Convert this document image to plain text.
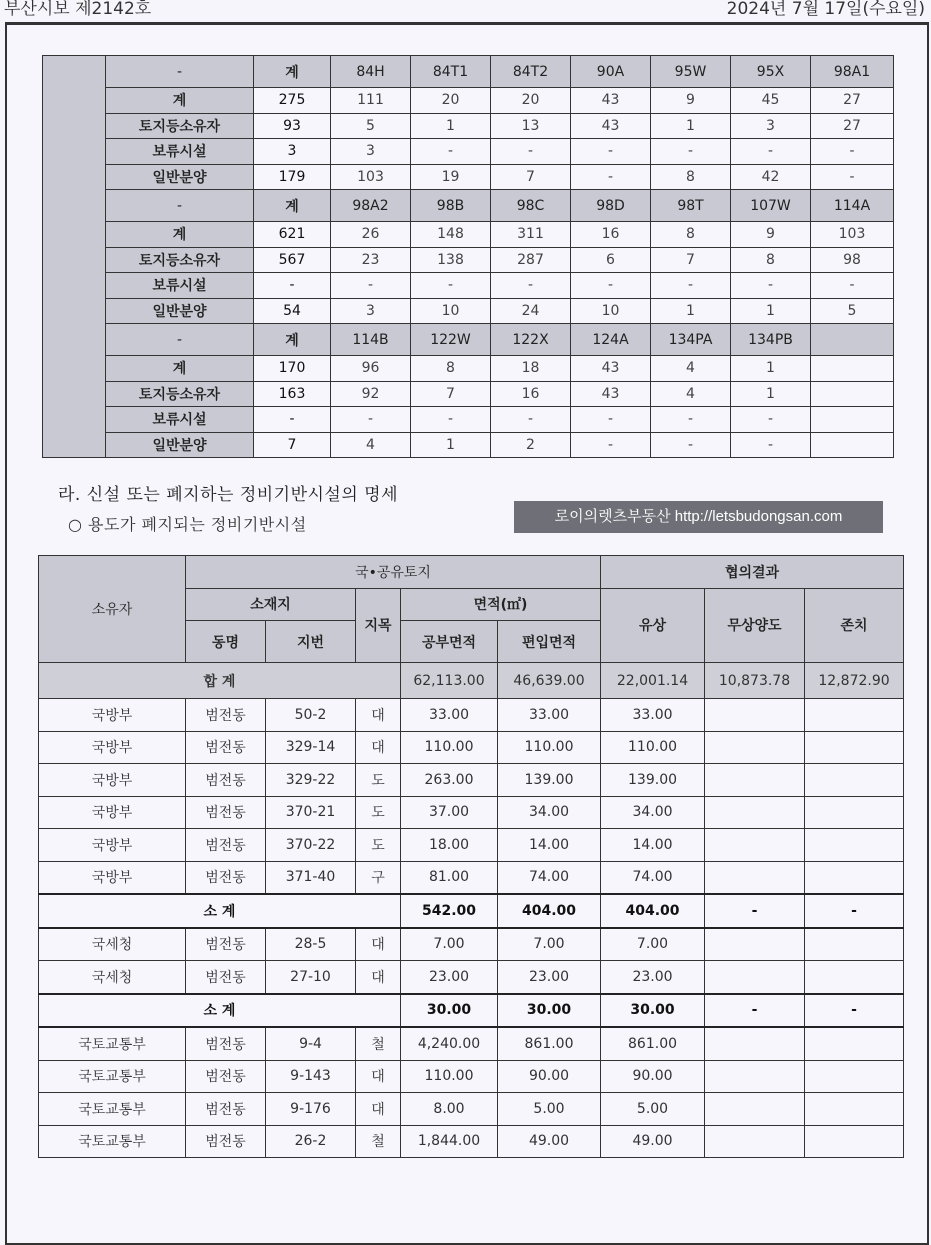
부산시보 제2142호	2024년 7월 17일(수요일)
	-	계	84H	84T1	84T2	90A	95W	95X	98A1
	계	275	111	20	20	43	9	45	27
	토지등소유자	93	5	1	13	43	1	3	27
	보류시설	3	3	-	-	-	-	-	-
	일반분양	179	103	19	7	-	8	42	-
	-	계	98A2	98B	98C	98D	98T	107W	114A
	계	621	26	148	311	16	8	9	103
	토지등소유자	567	23	138	287	6	7	8	98
	보류시설	-	-	-	-	-	-	-	-
	일반분양	54	3	10	24	10	1	1	5
	-	계	114B	122W	122X	124A	134PA	134PB	
	계	170	96	8	18	43	4	1	
	토지등소유자	163	92	7	16	43	4	1	
	보류시설	-	-	-	-	-	-	-	
	일반분양	7	4	1	2	-	-	-	
라. 신설 또는 폐지하는 정비기반시설의 명세
○ 용도가 폐지되는 정비기반시설	로이의렛츠부동산 http://letsbudongsan.com
소유자	국•공유토지					협의결과		
	소재지		지목	면적(㎡)		유상	무상양도	존치
	동명	지번		공부면적	편입면적			
합 계				62,113.00	46,639.00	22,001.14	10,873.78	12,872.90
국방부	범전동	50-2	대	33.00	33.00	33.00		
국방부	범전동	329-14	대	110.00	110.00	110.00		
국방부	범전동	329-22	도	263.00	139.00	139.00		
국방부	범전동	370-21	도	37.00	34.00	34.00		
국방부	범전동	370-22	도	18.00	14.00	14.00		
국방부	범전동	371-40	구	81.00	74.00	74.00		
소 계				542.00	404.00	404.00	-	-
국세청	범전동	28-5	대	7.00	7.00	7.00		
국세청	범전동	27-10	대	23.00	23.00	23.00		
소 계				30.00	30.00	30.00	-	-
국토교통부	범전동	9-4	철	4,240.00	861.00	861.00		
국토교통부	범전동	9-143	대	110.00	90.00	90.00		
국토교통부	범전동	9-176	대	8.00	5.00	5.00		
국토교통부	범전동	26-2	철	1,844.00	49.00	49.00		
